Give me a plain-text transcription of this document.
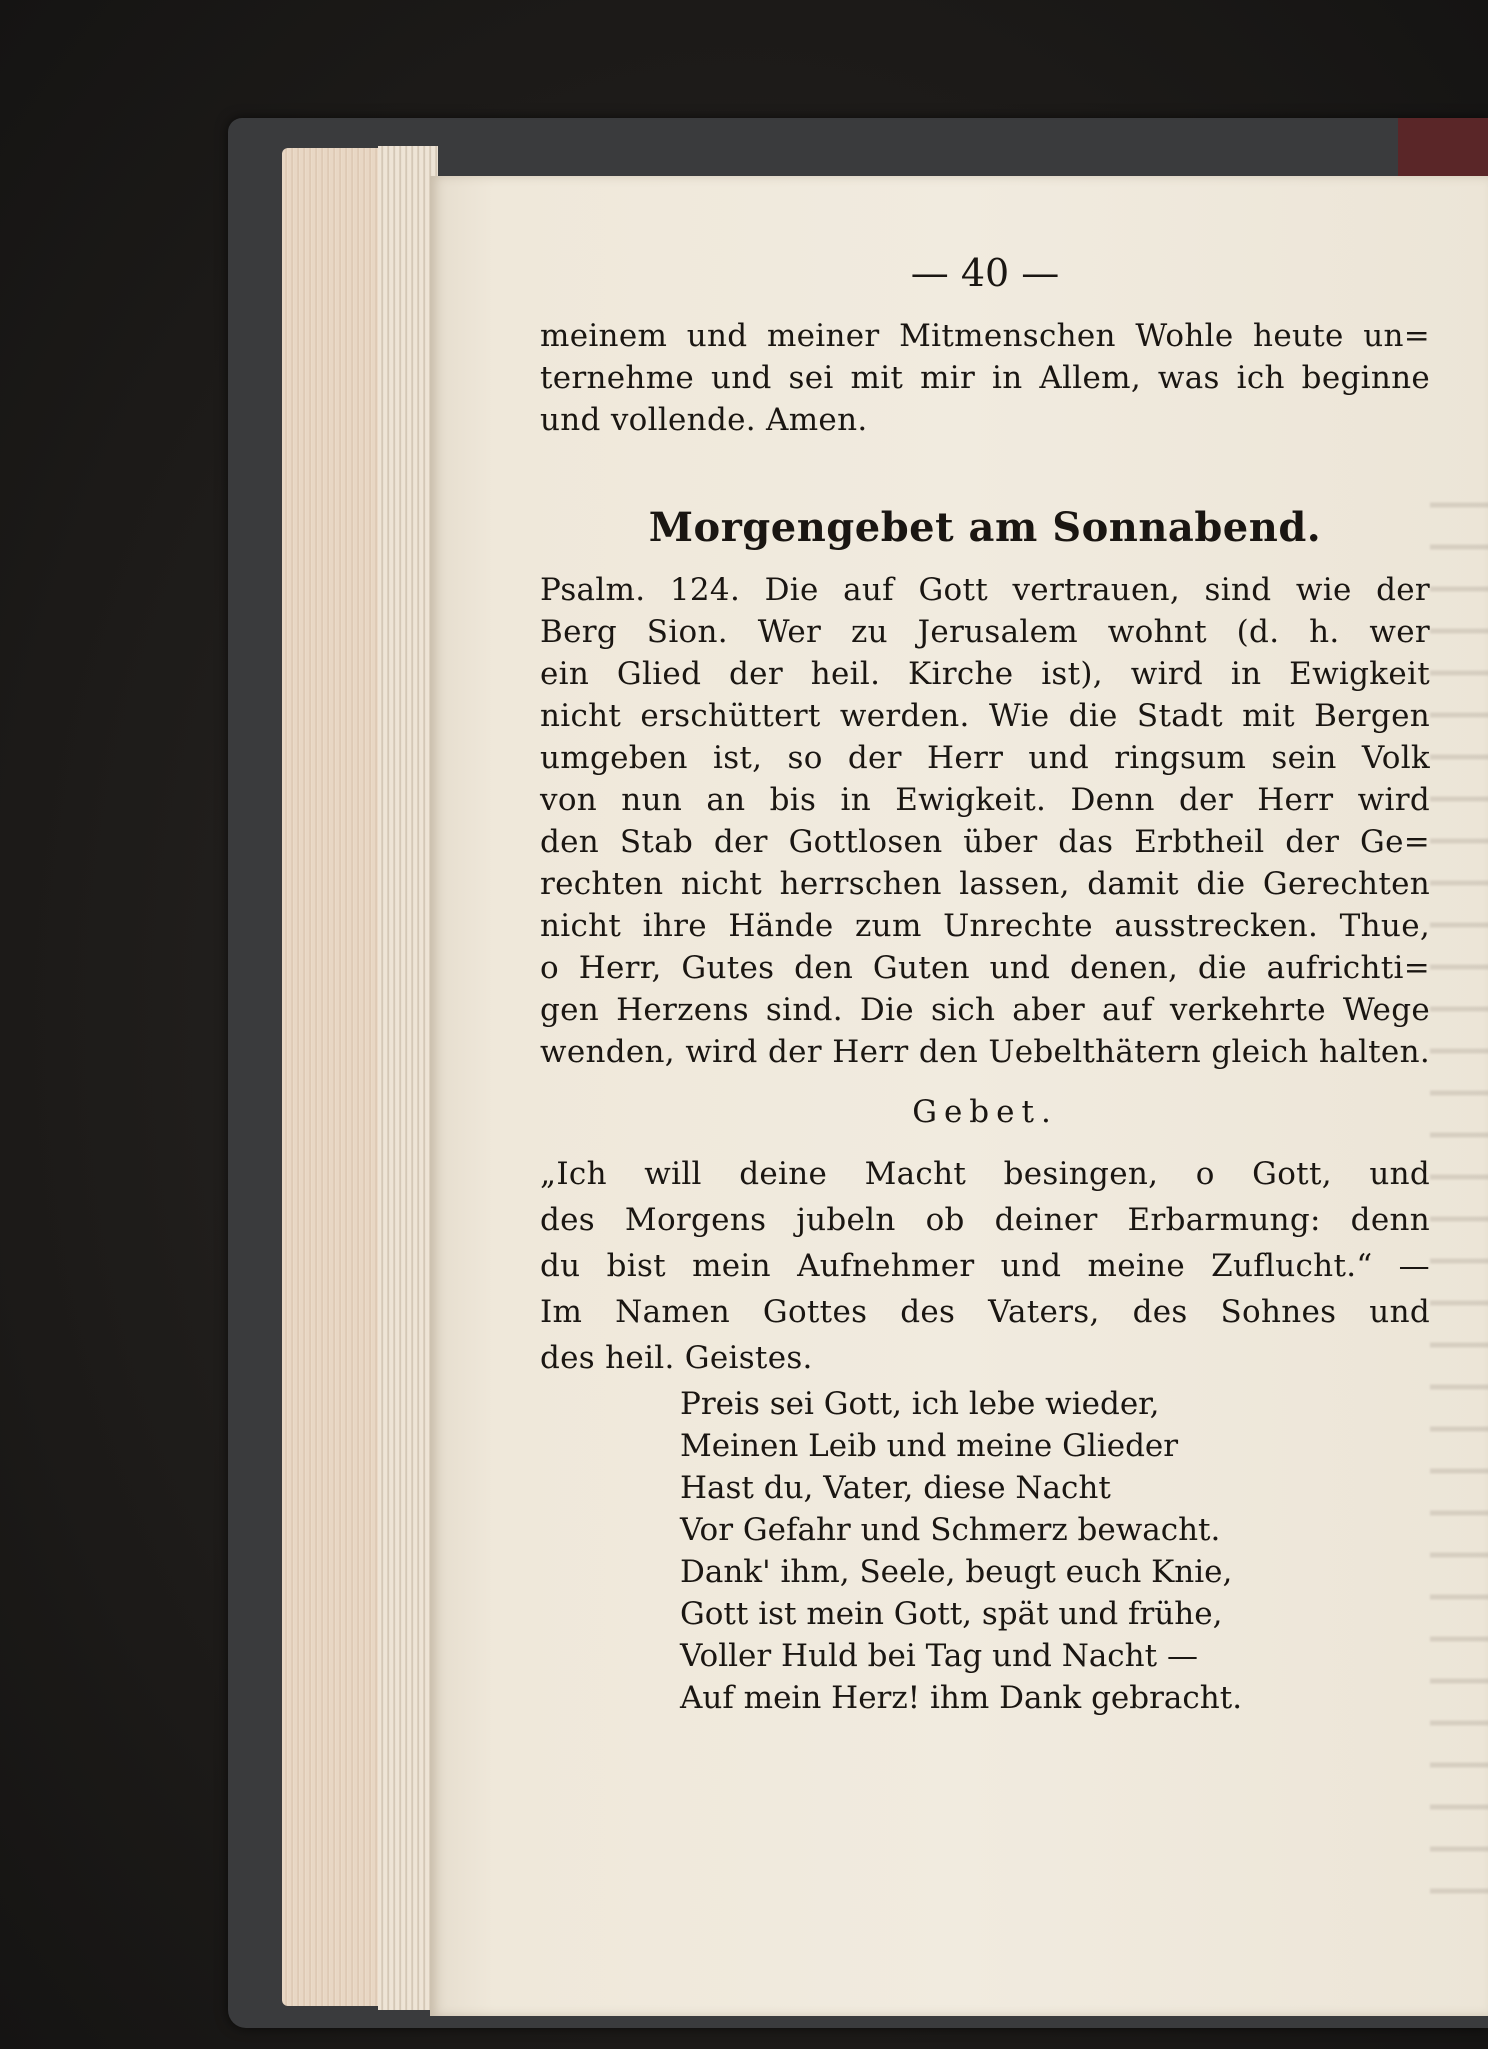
— 40 —
meinem und meiner Mitmenschen Wohle heute un=
ternehme und sei mit mir in Allem, was ich beginne
und vollende. Amen.
Morgengebet am Sonnabend.
Psalm. 124. Die auf Gott vertrauen, sind wie der
Berg Sion. Wer zu Jerusalem wohnt (d. h. wer
ein Glied der heil. Kirche ist), wird in Ewigkeit
nicht erschüttert werden. Wie die Stadt mit Bergen
umgeben ist, so der Herr und ringsum sein Volk
von nun an bis in Ewigkeit. Denn der Herr wird
den Stab der Gottlosen über das Erbtheil der Ge=
rechten nicht herrschen lassen, damit die Gerechten
nicht ihre Hände zum Unrechte ausstrecken. Thue,
o Herr, Gutes den Guten und denen, die aufrichti=
gen Herzens sind. Die sich aber auf verkehrte Wege
wenden, wird der Herr den Uebelthätern gleich halten.
Gebet.
„Ich will deine Macht besingen, o Gott, und
des Morgens jubeln ob deiner Erbarmung: denn
du bist mein Aufnehmer und meine Zuflucht.“ —
Im Namen Gottes des Vaters, des Sohnes und
des heil. Geistes.
Preis sei Gott, ich lebe wieder,
Meinen Leib und meine Glieder
Hast du, Vater, diese Nacht
Vor Gefahr und Schmerz bewacht.
Dank' ihm, Seele, beugt euch Knie,
Gott ist mein Gott, spät und frühe,
Voller Huld bei Tag und Nacht —
Auf mein Herz! ihm Dank gebracht.
